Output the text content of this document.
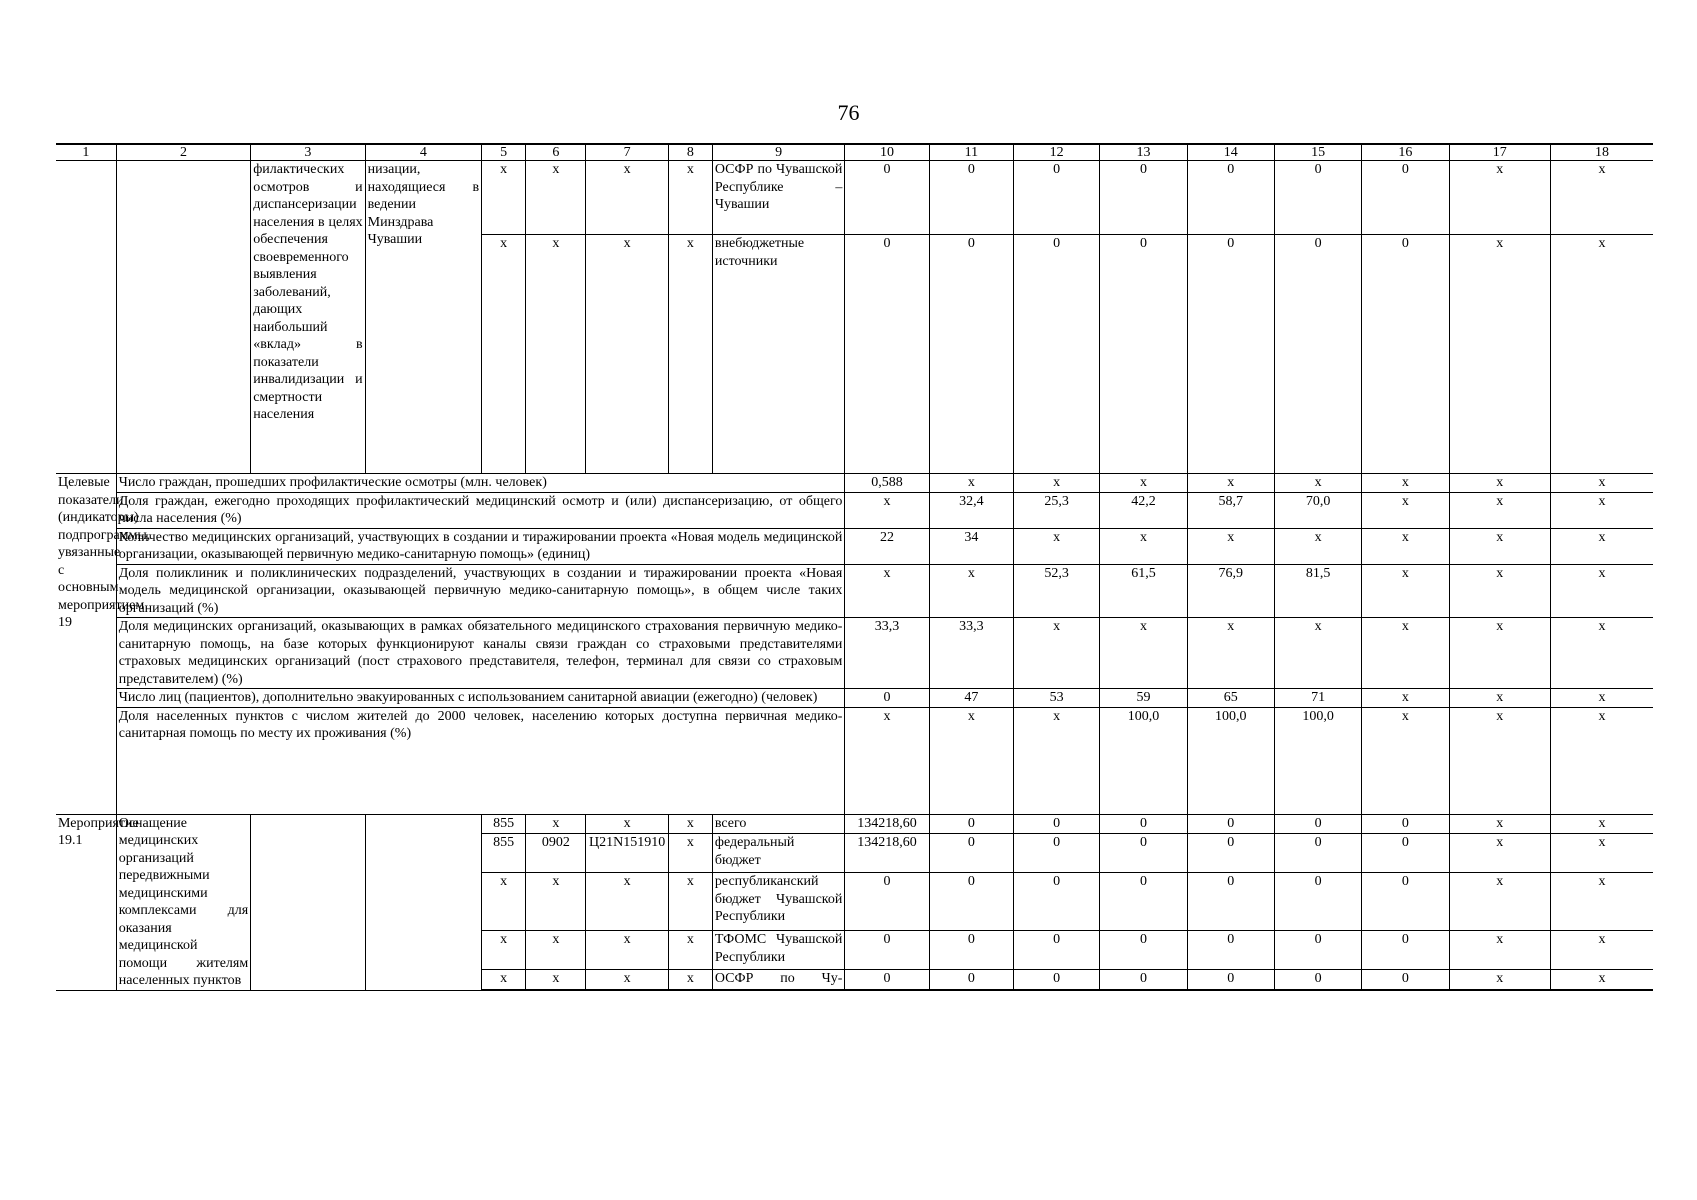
76
1	2	3	4	5	6	7	8	9	10	11	12	13	14	15	16	17	18
		филактических осмотров и диспансеризации населения в целях обеспечения своевременного выявления заболеваний, дающих наибольший «вклад» в показатели инвалидизации и смертности населения	низации, находящиеся в ведении Минздрава Чувашии	x	x	x	x	ОСФР по Чувашской Республике – Чувашии	0	0	0	0	0	0	0	x	x
				x	x	x	x	внебюджетные источники	0	0	0	0	0	0	0	x	x
Целевые показатели (индикаторы) подпрограммы, увязанные с основным мероприятием 19	Число граждан, прошедших профилактические осмотры (млн. человек)								0,588	x	x	x	x	x	x	x	x
	Доля граждан, ежегодно проходящих профилактический медицинский осмотр и (или) диспансеризацию, от общего числа населения (%)								x	32,4	25,3	42,2	58,7	70,0	x	x	x
	Количество медицинских организаций, участвующих в создании и тиражировании проекта «Новая модель медицинской организации, оказывающей первичную медико-санитарную помощь» (единиц)								22	34	x	x	x	x	x	x	x
	Доля поликлиник и поликлинических подразделений, участвующих в создании и тиражировании проекта «Новая модель медицинской организации, оказывающей первичную медико-санитарную помощь», в общем числе таких организаций (%)								x	x	52,3	61,5	76,9	81,5	x	x	x
	Доля медицинских организаций, оказывающих в рамках обязательного медицинского страхования первичную медико-санитарную помощь, на базе которых функционируют каналы связи граждан со страховыми представителями страховых медицинских организаций (пост страхового представителя, телефон, терминал для связи со страховым представителем) (%)								33,3	33,3	x	x	x	x	x	x	x
	Число лиц (пациентов), дополнительно эвакуированных с использованием санитарной авиации (ежегодно) (человек)								0	47	53	59	65	71	x	x	x
	Доля населенных пунктов с числом жителей до 2000 человек, населению которых доступна первичная медико-санитарная помощь по месту их проживания (%)								x	x	x	100,0	100,0	100,0	x	x	x
Мероприятие 19.1	Оснащение медицинских организаций передвижными медицинскими комплексами для оказания медицинской помощи жителям населенных пунктов			855	x	x	x	всего	134218,60	0	0	0	0	0	0	x	x
				855	0902	Ц21N151910	x	федеральный бюджет	134218,60	0	0	0	0	0	0	x	x
				x	x	x	x	республиканский бюджет Чувашской Республики	0	0	0	0	0	0	0	x	x
				x	x	x	x	ТФОМС Чувашской Республики	0	0	0	0	0	0	0	x	x
				x	x	x	x	ОСФР по Чу-	0	0	0	0	0	0	0	x	x
